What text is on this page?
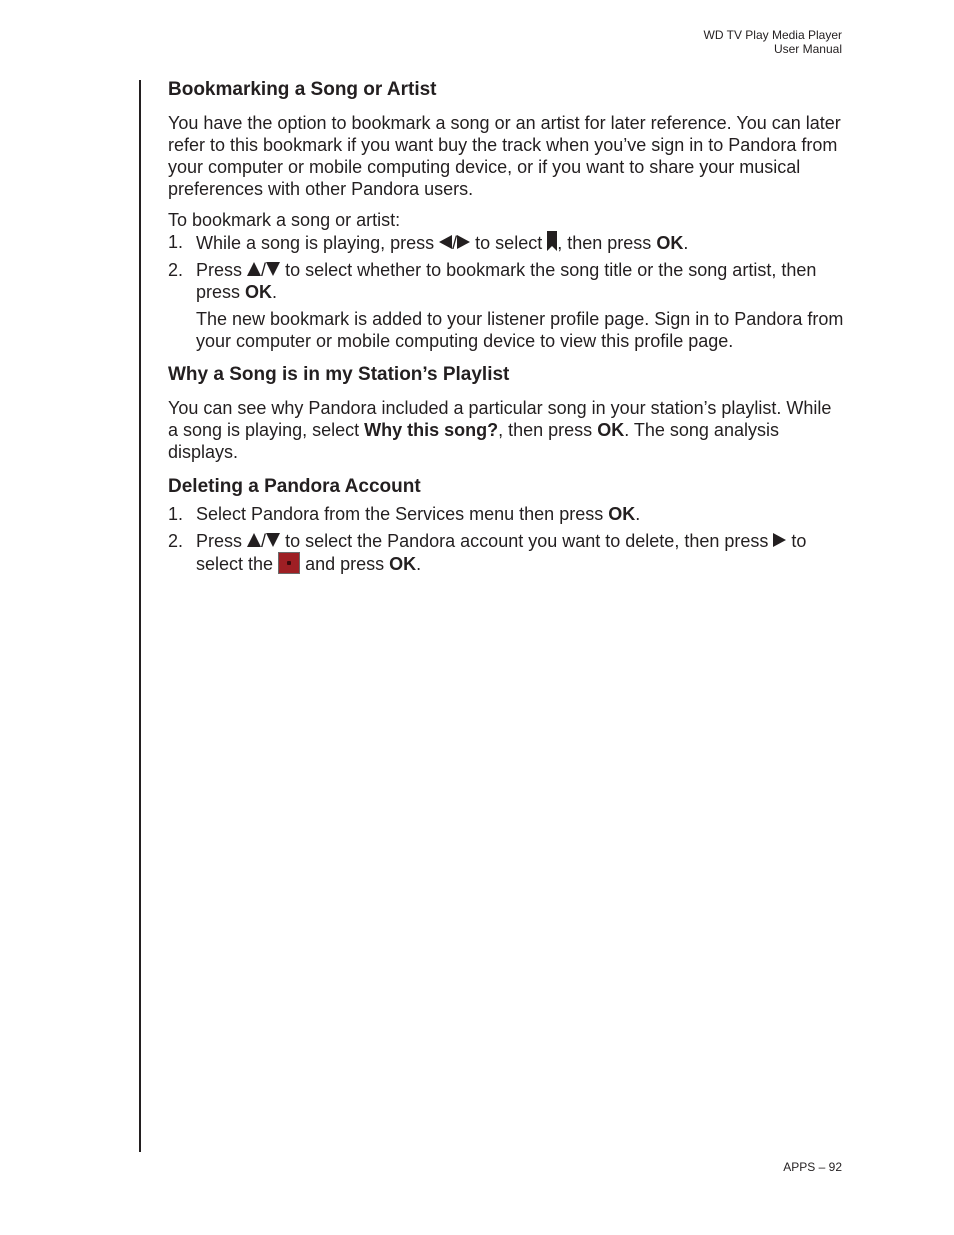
WD TV Play Media Player
User Manual
Bookmarking a Song or Artist

You have the option to bookmark a song or an artist for later reference. You can later refer to this bookmark if you want buy the track when you’ve sign in to Pandora from your computer or mobile computing device, or if you want to share your musical preferences with other Pandora users.

To bookmark a song or artist:

1. While a song is playing, press / to select , then press OK.
2. Press / to select whether to bookmark the song title or the song artist, then press OK.

The new bookmark is added to your listener profile page. Sign in to Pandora from your computer or mobile computing device to view this profile page.

Why a Song is in my Station’s Playlist

You can see why Pandora included a particular song in your station’s playlist. While a song is playing, select Why this song?, then press OK. The song analysis displays.

Deleting a Pandora Account
1. Select Pandora from the Services menu then press OK.
2. Press / to select the Pandora account you want to delete, then press to select the and press OK.
APPS – 92
